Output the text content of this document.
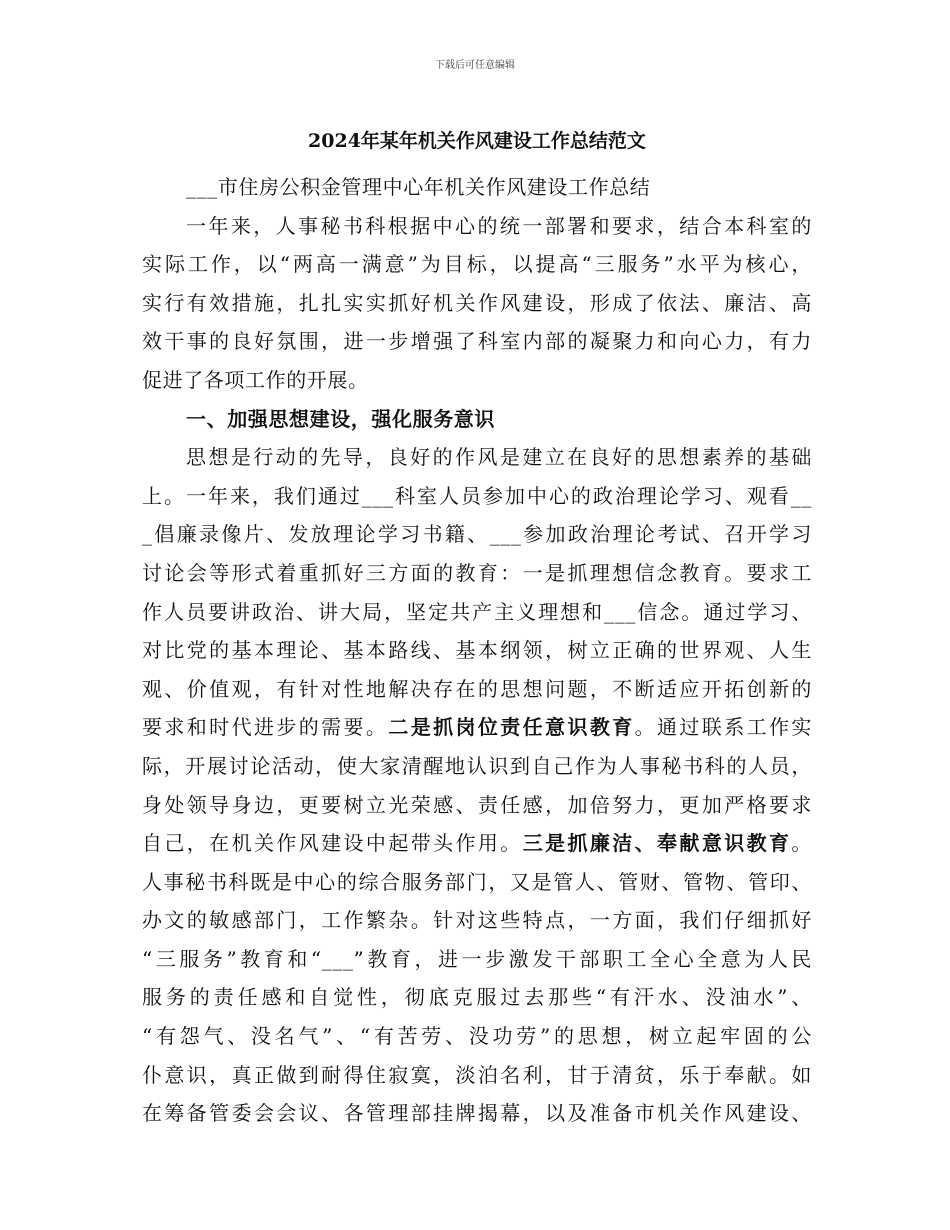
下载后可任意编辑
2024年某年机关作风建设工作总结范文
___市住房公积金管理中心年机关作风建设工作总结
一年来，人事秘书科根据中心的统一部署和要求，结合本科室的
实际工作，以“两高一满意”为目标，以提高“三服务”水平为核心，
实行有效措施，扎扎实实抓好机关作风建设，形成了依法、廉洁、高
效干事的良好氛围，进一步增强了科室内部的凝聚力和向心力，有力
促进了各项工作的开展。
一、加强思想建设，强化服务意识
思想是行动的先导，良好的作风是建立在良好的思想素养的基础
上。一年来，我们通过___科室人员参加中心的政治理论学习、观看__
_倡廉录像片、发放理论学习书籍、___参加政治理论考试、召开学习
讨论会等形式着重抓好三方面的教育：一是抓理想信念教育。要求工
作人员要讲政治、讲大局，坚定共产主义理想和___信念。通过学习、
对比党的基本理论、基本路线、基本纲领，树立正确的世界观、人生
观、价值观，有针对性地解决存在的思想问题，不断适应开拓创新的
要求和时代进步的需要。二是抓岗位责任意识教育。通过联系工作实
际，开展讨论活动，使大家清醒地认识到自己作为人事秘书科的人员，
身处领导身边，更要树立光荣感、责任感，加倍努力，更加严格要求
自己，在机关作风建设中起带头作用。三是抓廉洁、奉献意识教育。
人事秘书科既是中心的综合服务部门，又是管人、管财、管物、管印、
办文的敏感部门，工作繁杂。针对这些特点，一方面，我们仔细抓好
“三服务”教育和“___”教育，进一步激发干部职工全心全意为人民
服务的责任感和自觉性，彻底克服过去那些“有汗水、没油水”、
“有怨气、没名气”、“有苦劳、没功劳”的思想，树立起牢固的公
仆意识，真正做到耐得住寂寞，淡泊名利，甘于清贫，乐于奉献。如
在筹备管委会会议、各管理部挂牌揭幕，以及准备市机关作风建设、
